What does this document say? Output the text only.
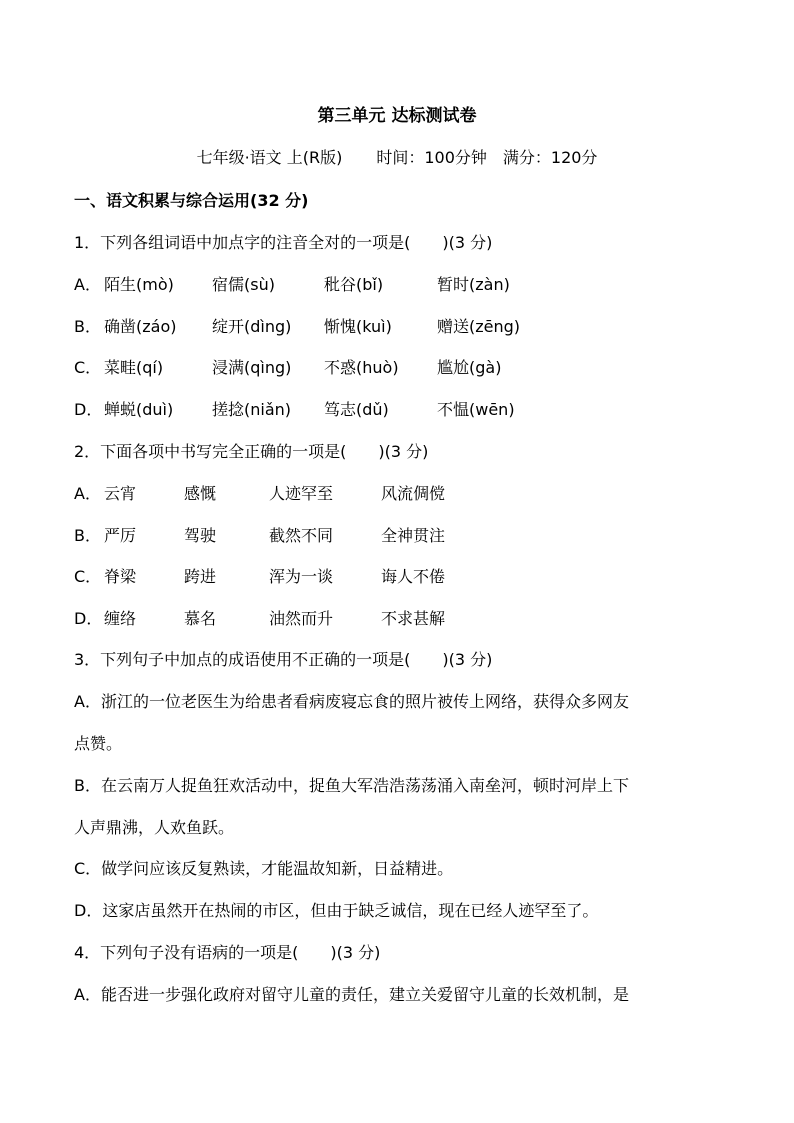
第三单元 达标测试卷
七年级·语文 上(R版) 时间：100分钟 满分：120分
一、语文积累与综合运用(32 分)
1．下列各组词语中加点字的注音全对的一项是(　　)(3 分)
A． 陌生(mò) 宿儒(sù)	秕谷(bǐ)	暂时(zàn)
B． 确凿(záo) 绽开(dìng) 惭愧(kuì)	赠送(zēng)
C． 菜畦(qí)	浸满(qìng) 不惑(huò) 尴尬(gà)
D． 蝉蜕(duì) 搓捻(niǎn) 笃志(dǔ)	不愠(wēn)
2．下面各项中书写完全正确的一项是(　　)(3 分)
A． 云宵	感慨	人迹罕至	风流倜傥
B． 严厉	驾驶	截然不同	全神贯注
C． 脊梁	跨进	浑为一谈	诲人不倦
D． 缠络	慕名	油然而升	不求甚解
3．下列句子中加点的成语使用不正确的一项是(　　)(3 分)
A．浙江的一位老医生为给患者看病废寝忘食的照片被传上网络，获得众多网友
点赞。
B．在云南万人捉鱼狂欢活动中，捉鱼大军浩浩荡荡涌入南垒河，顿时河岸上下
人声鼎沸，人欢鱼跃。
C．做学问应该反复熟读，才能温故知新，日益精进。
D．这家店虽然开在热闹的市区，但由于缺乏诚信，现在已经人迹罕至了。
4．下列句子没有语病的一项是(　　)(3 分)
A．能否进一步强化政府对留守儿童的责任，建立关爱留守儿童的长效机制，是
